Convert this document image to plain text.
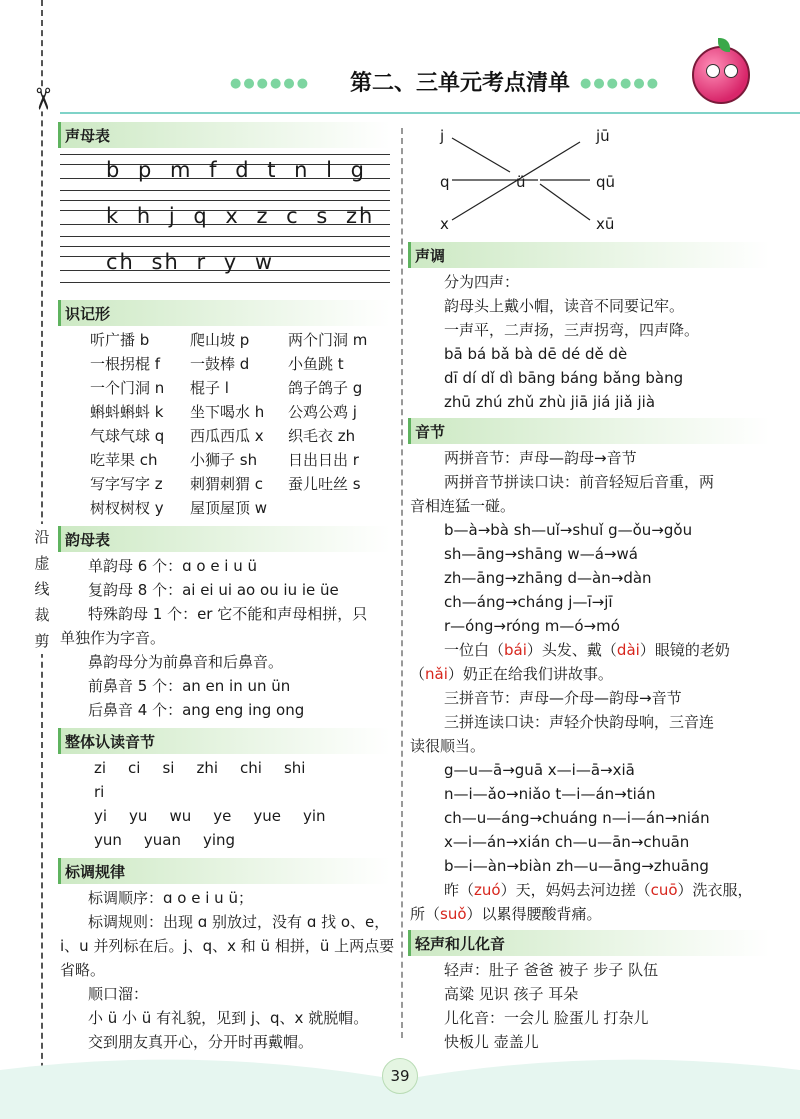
✂
沿
虚
线
裁
剪
●●●●●● 第二、三单元考点清单 ●●●●●●
声母表
b p m f d t n l g
k h j q x z c s zh
ch sh r y w
识记形
听广播 b	爬山坡 p	两个门洞 m
一根拐棍 f	一鼓棒 d	小鱼跳 t
一个门洞 n	棍子 l	鸽子鸽子 g
蝌蚪蝌蚪 k	坐下喝水 h	公鸡公鸡 j
气球气球 q	西瓜西瓜 x	织毛衣 zh
吃苹果 ch	小狮子 sh	日出日出 r
写字写字 z	刺猬刺猬 c	蚕儿吐丝 s
树杈树杈 y	屋顶屋顶 w
韵母表
单韵母 6 个：ɑ o e i u ü
复韵母 8 个：ai ei ui ao ou iu ie üe
特殊韵母 1 个：er 它不能和声母相拼，只
单独作为字音。
鼻韵母分为前鼻音和后鼻音。
前鼻音 5 个：an en in un ün
后鼻音 4 个：ang eng ing ong
整体认读音节
zi ci si zhi chi shi
ri
yi yu wu ye yue yin
yun yuan ying
标调规律
标调顺序：ɑ o e i u ü；
标调规则：出现 ɑ 别放过，没有 ɑ 找 o、e，
i、u 并列标在后。j、q、x 和 ü 相拼，ü 上两点要
省略。
顺口溜：
小 ü 小 ü 有礼貌，见到 j、q、x 就脱帽。
交到朋友真开心，分开时再戴帽。
j
q
x
ü
jū
qū
xū
声调
分为四声：
韵母头上戴小帽，读音不同要记牢。
一声平，二声扬，三声拐弯，四声降。
bā bá bǎ bà dē dé dě dè
dī dí dǐ dì bāng báng bǎng bàng
zhū zhú zhǔ zhù jiā jiá jiǎ jià
音节
两拼音节：声母—韵母→音节
两拼音节拼读口诀：前音轻短后音重，两
音相连猛一碰。
b—à→bà sh—uǐ→shuǐ g—ǒu→gǒu
sh—āng→shāng w—á→wá
zh—āng→zhāng d—àn→dàn
ch—áng→cháng j—ī→jī
r—óng→róng m—ó→mó
一位白（bái）头发、戴（dài）眼镜的老奶
（nǎi）奶正在给我们讲故事。
三拼音节：声母—介母—韵母→音节
三拼连读口诀：声轻介快韵母响，三音连
读很顺当。
g—u—ā→guā x—i—ā→xiā
n—i—ǎo→niǎo t—i—án→tián
ch—u—áng→chuáng n—i—án→nián
x—i—án→xián ch—u—ān→chuān
b—i—àn→biàn zh—u—āng→zhuāng
昨（zuó）天，妈妈去河边搓（cuō）洗衣服，
所（suǒ）以累得腰酸背痛。
轻声和儿化音
轻声：肚子 爸爸 被子 步子 队伍
高粱 见识 孩子 耳朵
儿化音：一会儿 脸蛋儿 打杂儿
快板儿 壶盖儿
39
